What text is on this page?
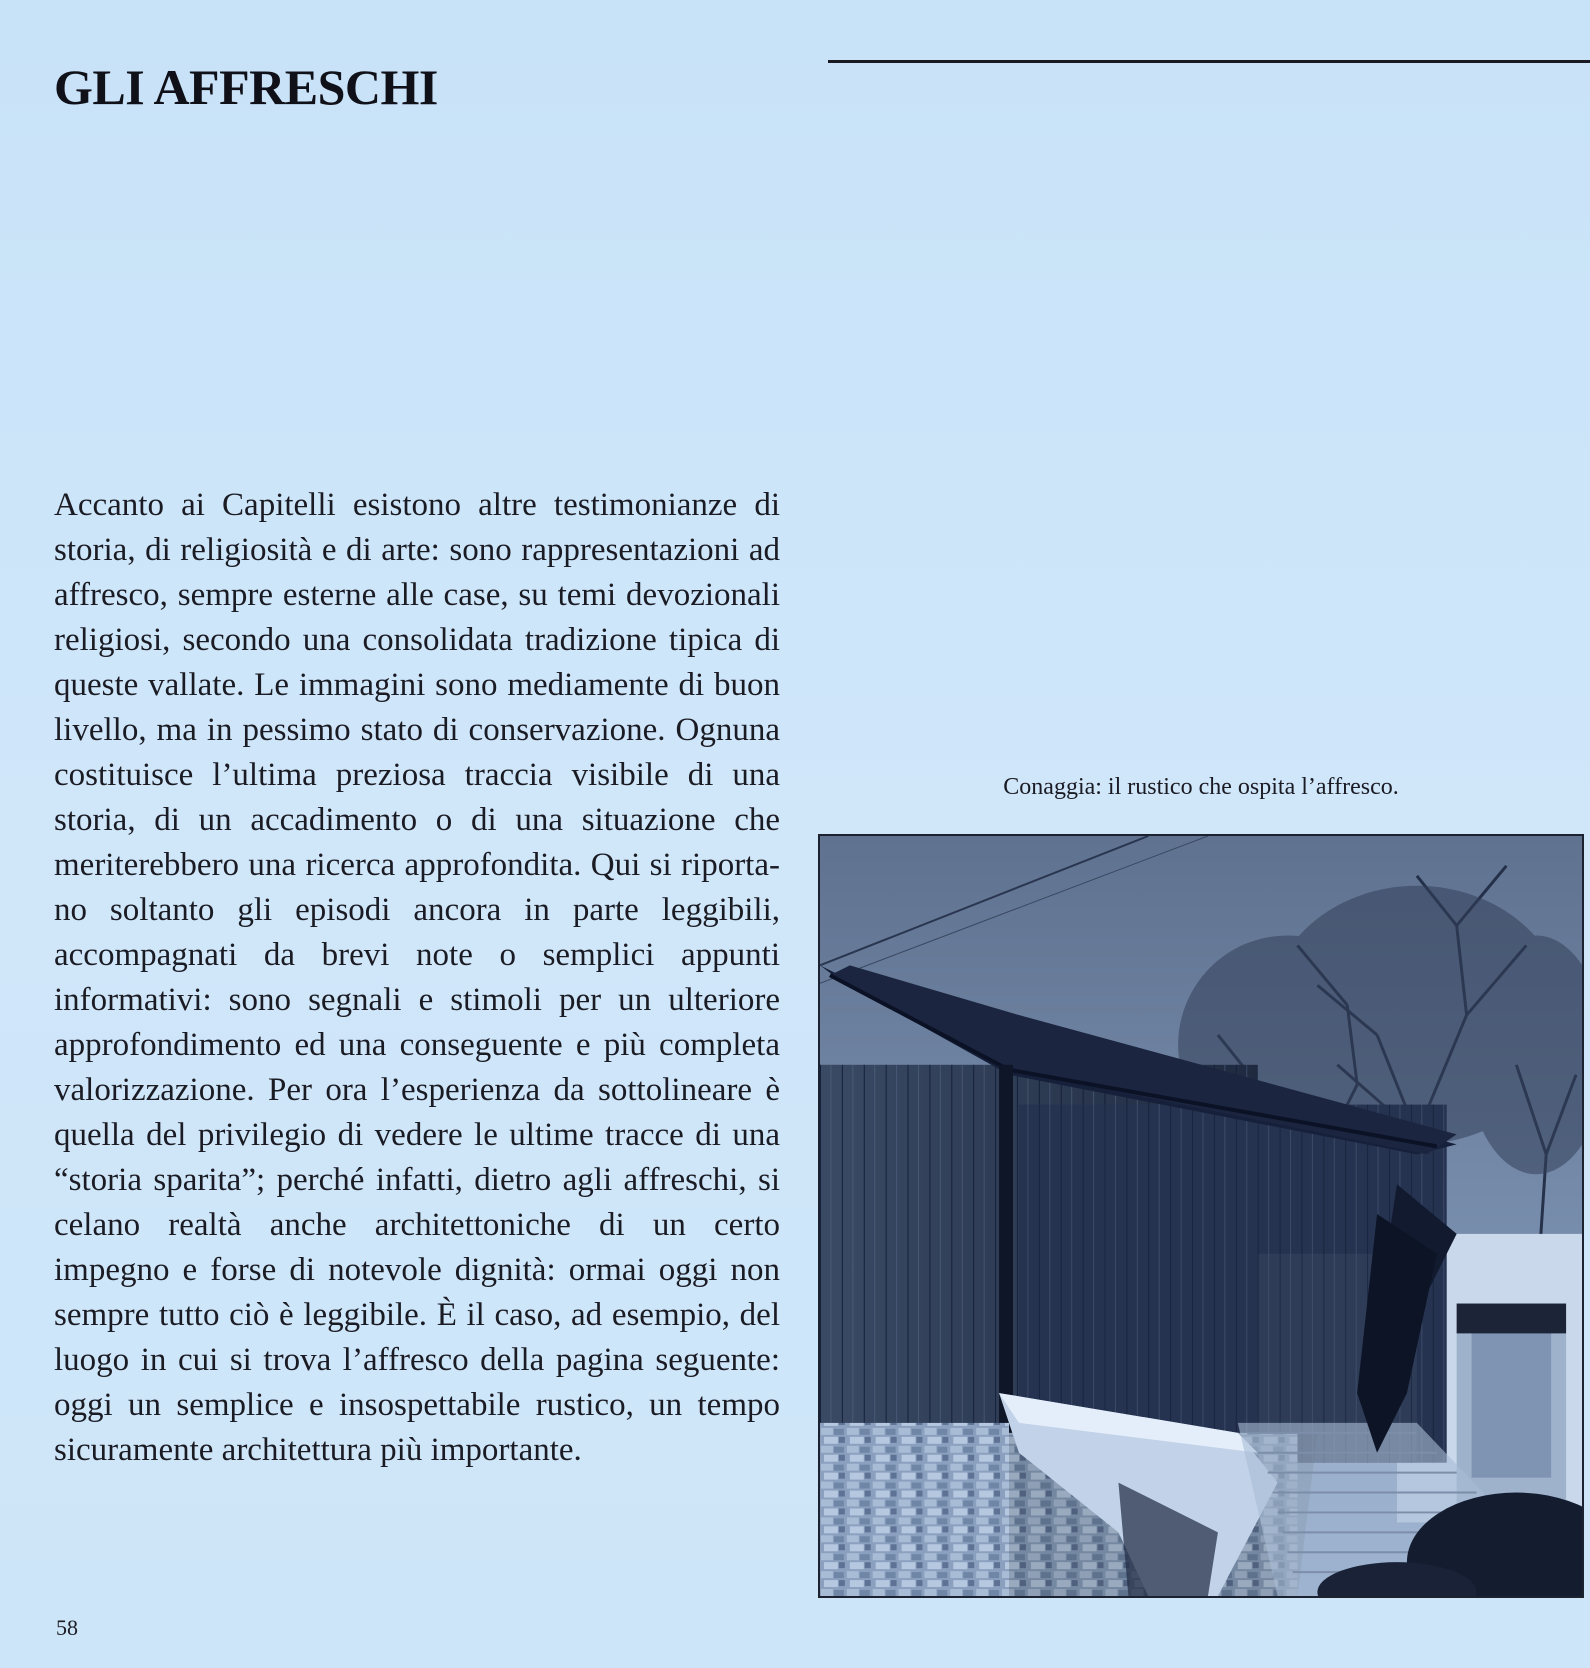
GLI AFFRESCHI

Accanto ai Capitelli esistono altre testimonianze di storia, di religiosità e di arte: sono rappresentazioni ad affresco, sempre esterne alle case, su temi devozionali religiosi, secondo una consolidata tradizione tipica di queste vallate. Le immagini sono mediamente di buon livello, ma in pessimo stato di conservazione. Ognuna costituisce l’ultima preziosa traccia visibile di una storia, di un accadimento o di una situazione che meriterebbero una ricerca approfondita. Qui si riportano soltanto gli episodi ancora in parte leggibili, accompagnati da brevi note o semplici appunti informativi: sono segnali e stimoli per un ulteriore approfondimento ed una conseguente e più completa valorizzazione. Per ora l’esperienza da sottolineare è quella del privilegio di vedere le ultime tracce di una “storia sparita”; perché infatti, dietro agli affreschi, si celano realtà anche architettoniche di un certo impegno e forse di notevole dignità: ormai oggi non sempre tutto ciò è leggibile. È il caso, ad esempio, del luogo in cui si trova l’affresco della pagina seguente: oggi un semplice e insospettabile rustico, un tempo sicuramente architettura più importante.

Conaggia: il rustico che ospita l’affresco.
58
